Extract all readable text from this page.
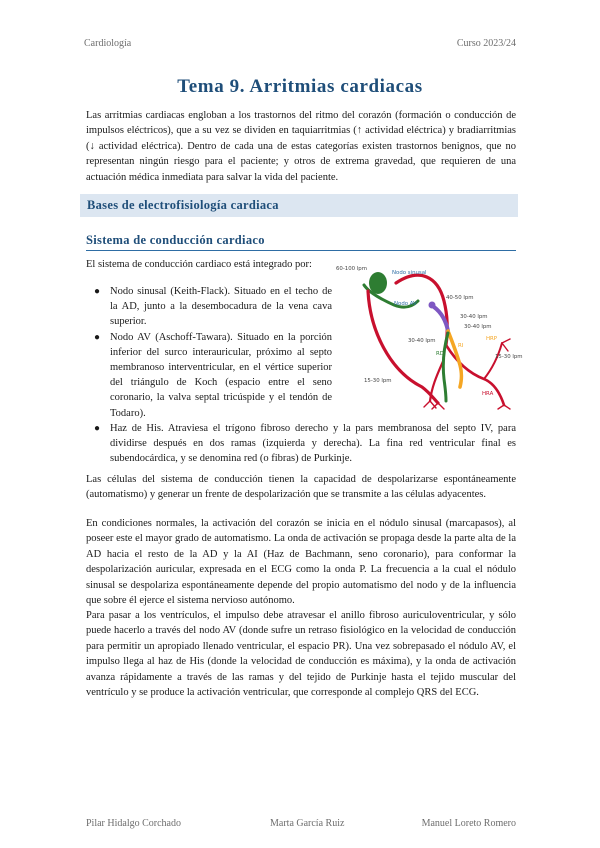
Cardiología	Curso 2023/24
Tema 9. Arritmias cardiacas
Las arritmias cardiacas engloban a los trastornos del ritmo del corazón (formación o conducción de impulsos eléctricos), que a su vez se dividen en taquiarritmias (↑ actividad eléctrica) y bradiarritmias (↓ actividad eléctrica). Dentro de cada una de estas categorías existen trastornos benignos, que no representan ningún riesgo para el paciente; y otros de extrema gravedad, que requieren de una actuación médica inmediata para salvar la vida del paciente.
Bases de electrofisiología cardiaca
Sistema de conducción cardiaco
El sistema de conducción cardiaco está integrado por:	60-100 lpm
Nodo sinusal
Nodo AV
40-50 lpm
30-40 lpm
30-40 lpm
30-40 lpm
RD
RI
HRP
15-30 lpm
15-30 lpm
HRA
● Nodo sinusal (Keith-Flack). Situado en el techo de la AD, junto a la desembocadura de la vena cava superior.
● Nodo AV (Aschoff-Tawara). Situado en la porción inferior del surco interauricular, próximo al septo membranoso interventricular, en el vértice superior del triángulo de Koch (espacio entre el seno coronario, la valva septal tricúspide y el tendón de Todaro).
● Haz de His. Atraviesa el trígono fibroso derecho y la pars membranosa del septo IV, para dividirse después en dos ramas (izquierda y derecha). La fina red ventricular final es subendocárdica, y se denomina red (o fibras) de Purkinje.
Las células del sistema de conducción tienen la capacidad de despolarizarse espontáneamente (automatismo) y generar un frente de despolarización que se transmite a las células adyacentes.
En condiciones normales, la activación del corazón se inicia en el nódulo sinusal (marcapasos), al poseer este el mayor grado de automatismo. La onda de activación se propaga desde la parte alta de la AD hacia el resto de la AD y la AI (Haz de Bachmann, seno coronario), para conformar la despolarización auricular, expresada en el ECG como la onda P. La frecuencia a la cual el nódulo sinusal se despolariza espontáneamente depende del propio automatismo del nodo y de la influencia que sobre él ejerce el sistema nervioso autónomo.
Para pasar a los ventrículos, el impulso debe atravesar el anillo fibroso auriculoventricular, y sólo puede hacerlo a través del nodo AV (donde sufre un retraso fisiológico en la velocidad de conducción para permitir un apropiado llenado ventricular, el espacio PR). Una vez sobrepasado el nódulo AV, el impulso llega al haz de His (donde la velocidad de conducción es máxima), y la onda de activación avanza rápidamente a través de las ramas y del tejido de Purkinje hasta el tejido muscular del ventrículo y se produce la activación ventricular, que corresponde al complejo QRS del ECG.
Pilar Hidalgo Corchado	Marta García Ruiz	Manuel Loreto Romero
